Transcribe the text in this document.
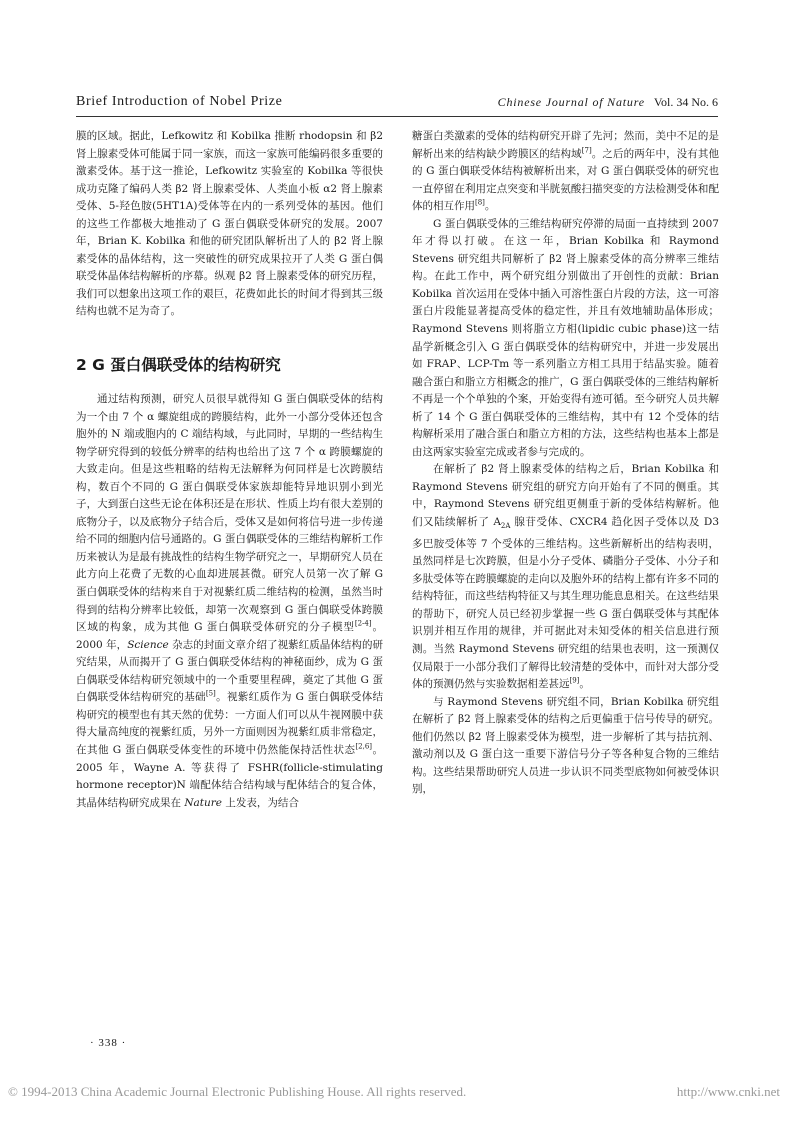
Brief Introduction of Nobel Prize	Chinese Journal of Nature Vol. 34 No. 6

膜的区域。据此，Lefkowitz 和 Kobilka 推断 rhodopsin 和 β2 肾上腺素受体可能属于同一家族，而这一家族可能编码很多重要的激素受体。基于这一推论，Lefkowitz 实验室的 Kobilka 等很快成功克隆了编码人类 β2 肾上腺素受体、人类血小板 α2 肾上腺素受体、5-羟色胺(5HT1A)受体等在内的一系列受体的基因。他们的这些工作都极大地推动了 G 蛋白偶联受体研究的发展。2007 年，Brian K. Kobilka 和他的研究团队解析出了人的 β2 肾上腺素受体的晶体结构，这一突破性的研究成果拉开了人类 G 蛋白偶联受体晶体结构解析的序幕。纵观 β2 肾上腺素受体的研究历程，我们可以想象出这项工作的艰巨，花费如此长的时间才得到其三级结构也就不足为奇了。

2 G 蛋白偶联受体的结构研究

通过结构预测，研究人员很早就得知 G 蛋白偶联受体的结构为一个由 7 个 α 螺旋组成的跨膜结构，此外一小部分受体还包含胞外的 N 端或胞内的 C 端结构域，与此同时，早期的一些结构生物学研究得到的较低分辨率的结构也给出了这 7 个 α 跨膜螺旋的大致走向。但是这些粗略的结构无法解释为何同样是七次跨膜结构，数百个不同的 G 蛋白偶联受体家族却能特异地识别小到光子，大到蛋白这些无论在体积还是在形状、性质上均有很大差别的底物分子，以及底物分子结合后，受体又是如何将信号进一步传递给不同的细胞内信号通路的。G 蛋白偶联受体的三维结构解析工作历来被认为是最有挑战性的结构生物学研究之一，早期研究人员在此方向上花费了无数的心血却进展甚微。研究人员第一次了解 G 蛋白偶联受体的结构来自于对视紫红质二维结构的检测，虽然当时得到的结构分辨率比较低，却第一次观察到 G 蛋白偶联受体跨膜区域的构象，成为其他 G 蛋白偶联受体研究的分子模型[2-4]。2000 年，Science 杂志的封面文章介绍了视紫红质晶体结构的研究结果，从而揭开了 G 蛋白偶联受体结构的神秘面纱，成为 G 蛋白偶联受体结构研究领域中的一个重要里程碑，奠定了其他 G 蛋白偶联受体结构研究的基础[5]。视紫红质作为 G 蛋白偶联受体结构研究的模型也有其天然的优势：一方面人们可以从牛视网膜中获得大量高纯度的视紫红质，另外一方面则因为视紫红质非常稳定，在其他 G 蛋白偶联受体变性的环境中仍然能保持活性状态[2,6]。2005 年，Wayne A. 等获得了 FSHR(follicle-stimulating hormone receptor)N 端配体结合结构域与配体结合的复合体，其晶体结构研究成果在 Nature 上发表，为结合

糖蛋白类激素的受体的结构研究开辟了先河；然而，美中不足的是解析出来的结构缺少跨膜区的结构域[7]。之后的两年中，没有其他的 G 蛋白偶联受体结构被解析出来，对 G 蛋白偶联受体的研究也一直停留在利用定点突变和半胱氨酸扫描突变的方法检测受体和配体的相互作用[8]。

G 蛋白偶联受体的三维结构研究停滞的局面一直持续到 2007 年才得以打破。在这一年，Brian Kobilka 和 Raymond Stevens 研究组共同解析了 β2 肾上腺素受体的高分辨率三维结构。在此工作中，两个研究组分别做出了开创性的贡献：Brian Kobilka 首次运用在受体中插入可溶性蛋白片段的方法，这一可溶蛋白片段能显著提高受体的稳定性，并且有效地辅助晶体形成；Raymond Stevens 则将脂立方相(lipidic cubic phase)这一结晶学新概念引入 G 蛋白偶联受体的结构研究中，并进一步发展出如 FRAP、LCP-Tm 等一系列脂立方相工具用于结晶实验。随着融合蛋白和脂立方相概念的推广，G 蛋白偶联受体的三维结构解析不再是一个个单独的个案，开始变得有迹可循。至今研究人员共解析了 14 个 G 蛋白偶联受体的三维结构，其中有 12 个受体的结构解析采用了融合蛋白和脂立方相的方法，这些结构也基本上都是由这两家实验室完成或者参与完成的。

在解析了 β2 肾上腺素受体的结构之后，Brian Kobilka 和 Raymond Stevens 研究组的研究方向开始有了不同的侧重。其中，Raymond Stevens 研究组更侧重于新的受体结构解析。他们又陆续解析了 $A_{2A}$ 腺苷受体、CXCR4 趋化因子受体以及 D3 多巴胺受体等 7 个受体的三维结构。这些新解析出的结构表明，虽然同样是七次跨膜，但是小分子受体、磷脂分子受体、小分子和多肽受体等在跨膜螺旋的走向以及胞外环的结构上都有许多不同的结构特征，而这些结构特征又与其生理功能息息相关。在这些结果的帮助下，研究人员已经初步掌握一些 G 蛋白偶联受体与其配体识别并相互作用的规律，并可据此对未知受体的相关信息进行预测。当然 Raymond Stevens 研究组的结果也表明，这一预测仅仅局限于一小部分我们了解得比较清楚的受体中，而针对大部分受体的预测仍然与实验数据相差甚远[9]。

与 Raymond Stevens 研究组不同，Brian Kobilka 研究组在解析了 β2 肾上腺素受体的结构之后更偏重于信号传导的研究。他们仍然以 β2 肾上腺素受体为模型，进一步解析了其与拮抗剂、激动剂以及 G 蛋白这一重要下游信号分子等各种复合物的三维结构。这些结果帮助研究人员进一步认识不同类型底物如何被受体识别，

· 338 ·
© 1994-2013 China Academic Journal Electronic Publishing House. All rights reserved.	http://www.cnki.net
